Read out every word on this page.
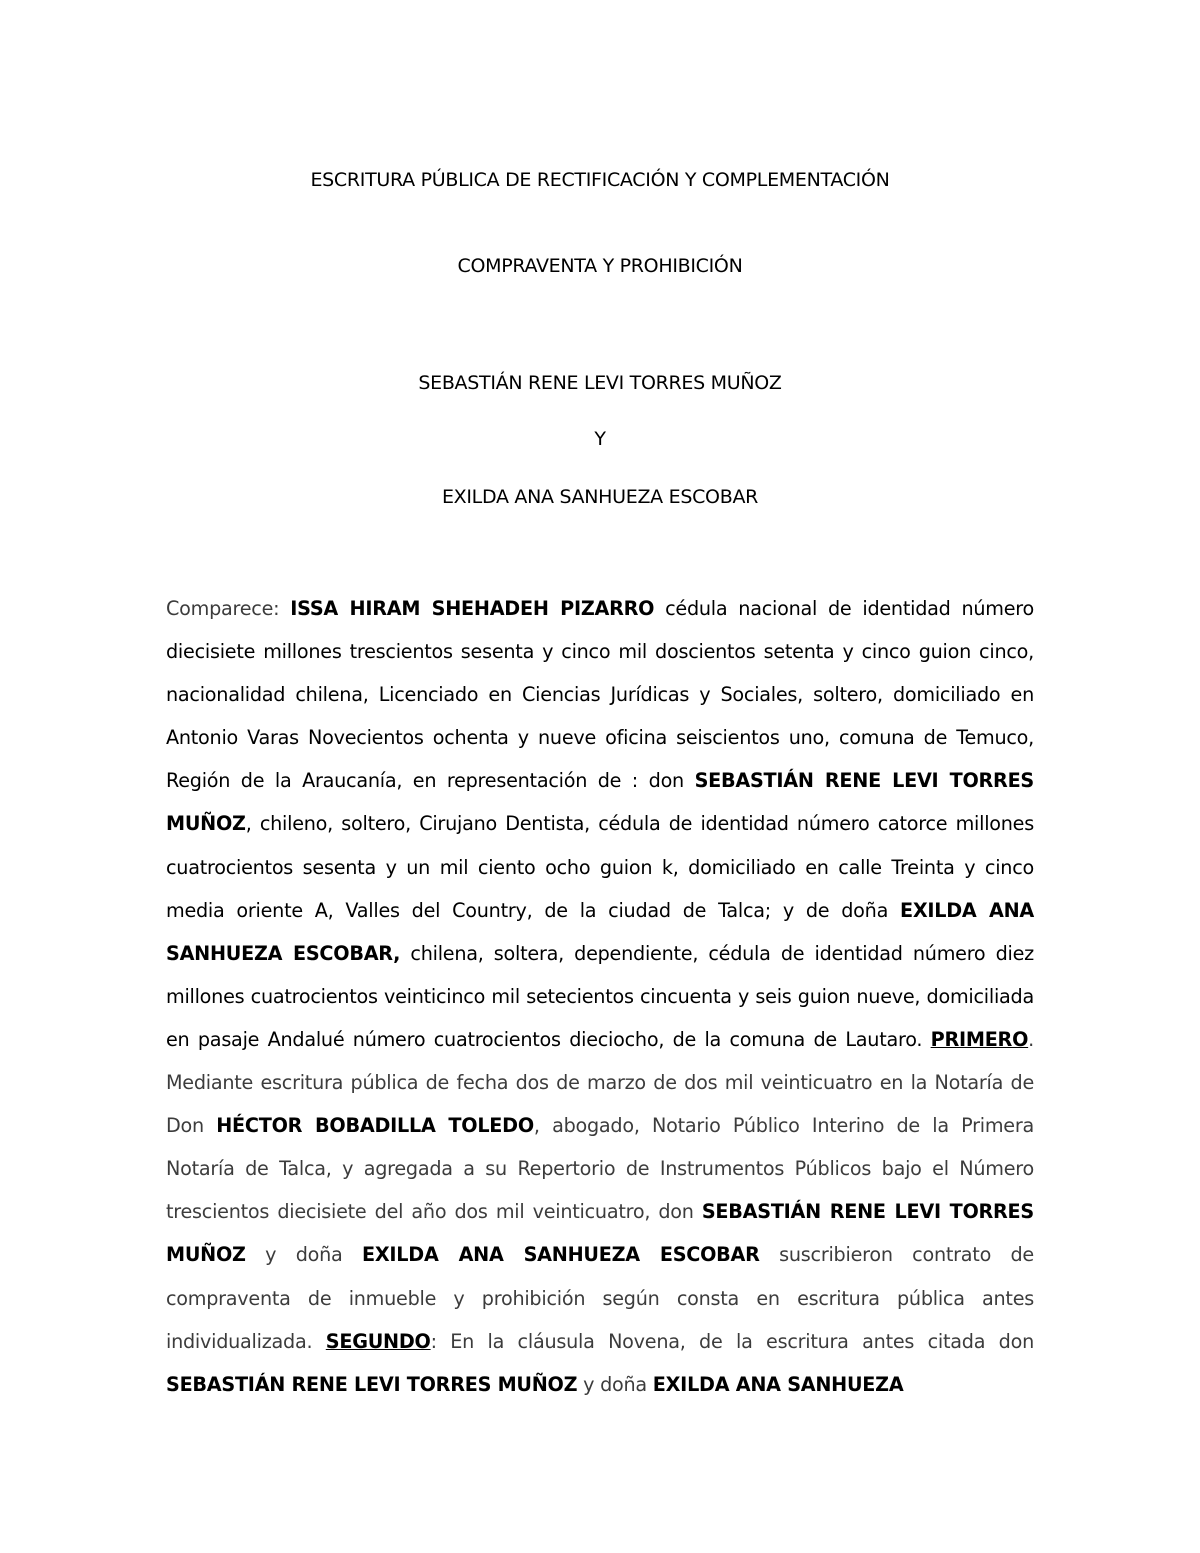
ESCRITURA PÚBLICA DE RECTIFICACIÓN Y COMPLEMENTACIÓN
COMPRAVENTA Y PROHIBICIÓN
SEBASTIÁN RENE LEVI TORRES MUÑOZ
Y
EXILDA ANA SANHUEZA ESCOBAR

Comparece: ISSA HIRAM SHEHADEH PIZARRO cédula nacional de identidad número diecisiete millones trescientos sesenta y cinco mil doscientos setenta y cinco guion cinco, nacionalidad chilena, Licenciado en Ciencias Jurídicas y Sociales, soltero, domiciliado en Antonio Varas Novecientos ochenta y nueve oficina seiscientos uno, comuna de Temuco, Región de la Araucanía, en representación de : don SEBASTIÁN RENE LEVI TORRES MUÑOZ, chileno, soltero, Cirujano Dentista, cédula de identidad número catorce millones cuatrocientos sesenta y un mil ciento ocho guion k, domiciliado en calle Treinta y cinco media oriente A, Valles del Country, de la ciudad de Talca; y de doña EXILDA ANA SANHUEZA ESCOBAR, chilena, soltera, dependiente, cédula de identidad número diez millones cuatrocientos veinticinco mil setecientos cincuenta y seis guion nueve, domiciliada en pasaje Andalué número cuatrocientos dieciocho, de la comuna de Lautaro. PRIMERO. Mediante escritura pública de fecha dos de marzo de dos mil veinticuatro en la Notaría de Don HÉCTOR BOBADILLA TOLEDO, abogado, Notario Público Interino de la Primera Notaría de Talca, y agregada a su Repertorio de Instrumentos Públicos bajo el Número trescientos diecisiete del año dos mil veinticuatro, don SEBASTIÁN RENE LEVI TORRES MUÑOZ y doña EXILDA ANA SANHUEZA ESCOBAR suscribieron contrato de compraventa de inmueble y prohibición según consta en escritura pública antes individualizada. SEGUNDO: En la cláusula Novena, de la escritura antes citada don SEBASTIÁN RENE LEVI TORRES MUÑOZ y doña EXILDA ANA SANHUEZA
